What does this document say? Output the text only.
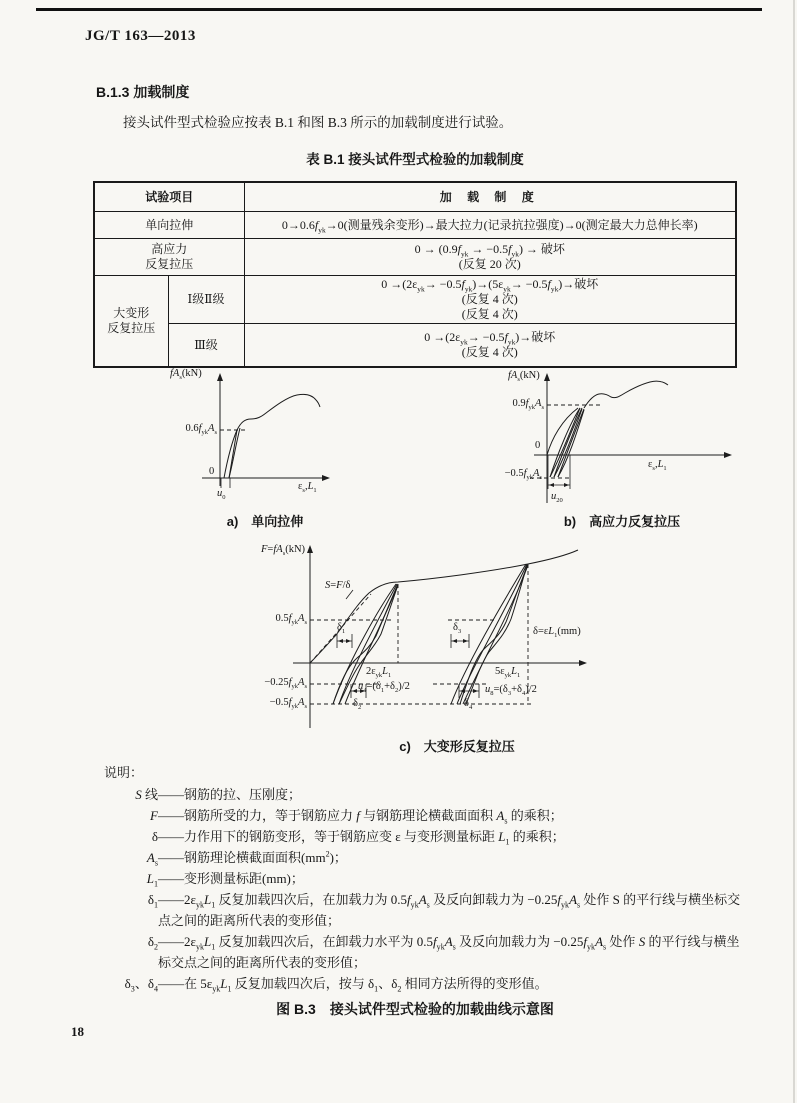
JG/T 163—2013
B.1.3 加载制度
接头试件型式检验应按表 B.1 和图 B.3 所示的加载制度进行试验。
表 B.1 接头试件型式检验的加载制度
试验项目		加 载 制 度
单向拉伸		$0\to 0.6f_{yk}\to 0$(测量残余变形)→最大拉力(记录抗拉强度)→0(测定最大力总伸长率)

高应力
反复拉压		$0 \to (0.9f_{yk} \to -0.5f_{yk})$ → 破坏
(反复 20 次)

大变形
反复拉压	Ⅰ级Ⅱ级	$0 \to(2\varepsilon_{yk}\to -0.5f_{yk})\to(5\varepsilon_{yk}\to -0.5f_{yk})\to$破坏
(反复 4 次)
(反复 4 次)

	Ⅲ级	$0 \to(2\varepsilon_{yk}\to -0.5f_{yk})\to$破坏
(反复 4 次)
$fA_s(kN)$
$0.6f_{yk}A_s$
0
$\varepsilon_s,L_1$
$u_0$
a)　单向拉伸
$fA_s(kN)$
$0.9f_{yk}A_s$
0
$-0.5f_{yk}A_s$
$\varepsilon_s,L_1$
$u_{20}$
b)　高应力反复拉压
$F=fA_s(kN)$
S=F/δ
$0.5f_{yk}A_s$
$-0.25f_{yk}A_s$
$-0.5f_{yk}A_s$
$\delta=\varepsilon L_1(mm)$
$2\varepsilon_{yk}L_1$
$u_4=(\delta_1+\delta_2)/2$
$5\varepsilon_{yk}L_1$
$u_8=(\delta_3+\delta_4)/2$
$\delta_1$
$\delta_2$
$\delta_3$
$\delta_4$
c)　大变形反复拉压
说明：
S 线 ——钢筋的拉、压刚度；
F ——钢筋所受的力，等于钢筋应力 f 与钢筋理论横截面面积 $A_s$ 的乘积；
δ ——力作用下的钢筋变形，等于钢筋应变 ε 与变形测量标距 $L_1$ 的乘积；
$A_s$ ——钢筋理论横截面面积$(mm^2)$；
$L_1$ ——变形测量标距(mm)；
$\delta_1$ $——2\varepsilon_{yk}L_1$ 反复加载四次后，在加载力为 $0.5f_{yk}A_s$ 及反向卸载力为 $-0.25f_{yk}A_s$ 处作 S 的平行线与横坐标交点之间的距离所代表的变形值；
$\delta_2$ $——2\varepsilon_{yk}L_1$ 反复加载四次后，在卸载力水平为 $0.5f_{yk}A_s$ 及反向加载力为 $-0.25f_{yk}A_s$ 处作 S 的平行线与横坐标交点之间的距离所代表的变形值；
$\delta_3$、$\delta_4$ ——在 $5\varepsilon_{yk}L_1$ 反复加载四次后，按与 $\delta_1$、$\delta_2$ 相同方法所得的变形值。
图 B.3　接头试件型式检验的加载曲线示意图
18
